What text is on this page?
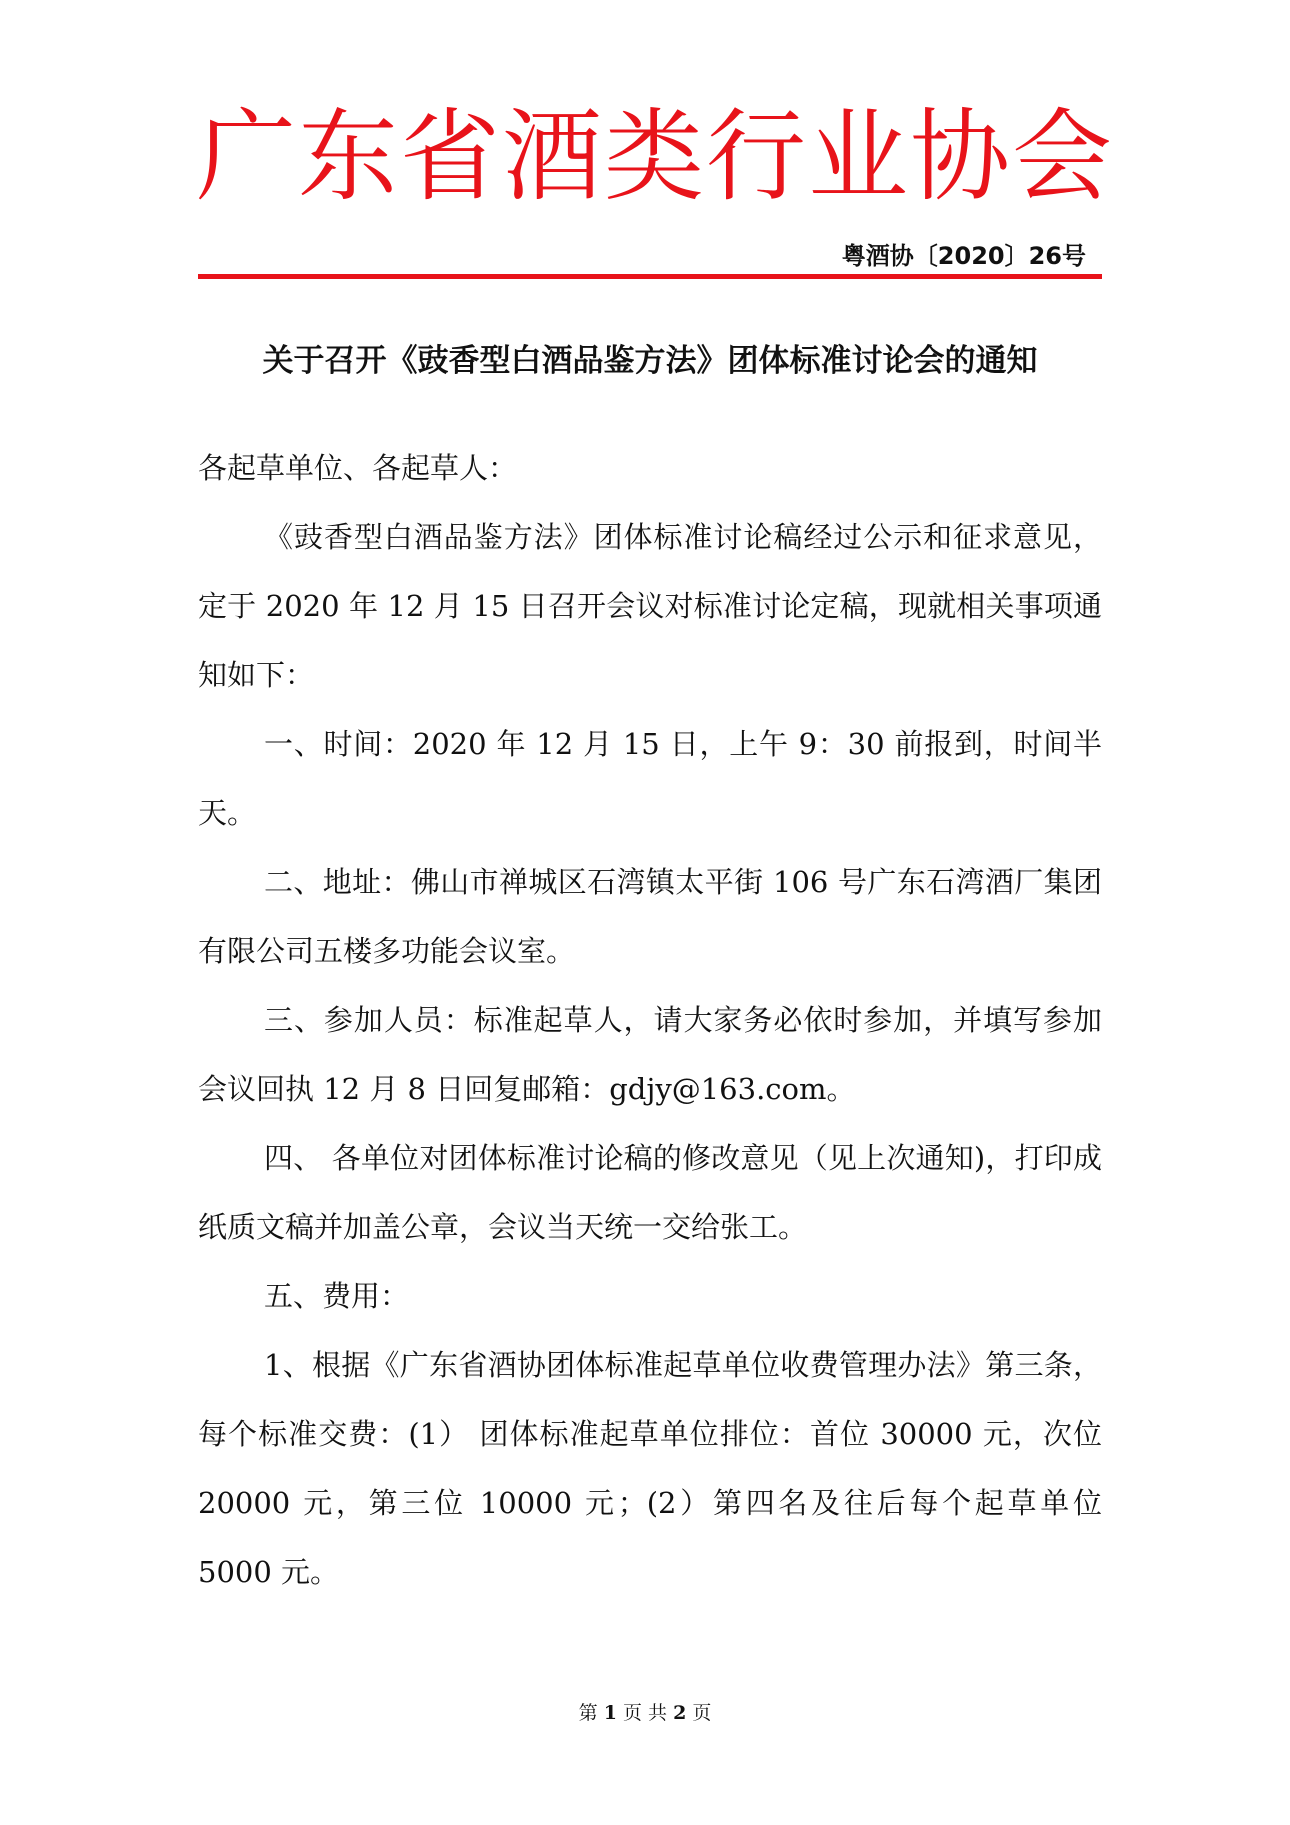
广东省酒类行业协会
粤酒协〔2020〕26号
关于召开《豉香型白酒品鉴方法》团体标准讨论会的通知

各起草单位、各起草人：

《豉香型白酒品鉴方法》团体标准讨论稿经过公示和征求意见，定于 2020 年 12 月 15 日召开会议对标准讨论定稿，现就相关事项通知如下：

一、时间：2020 年 12 月 15 日，上午 9：30 前报到，时间半天。

二、地址：佛山市禅城区石湾镇太平街 106 号广东石湾酒厂集团有限公司五楼多功能会议室。

三、参加人员：标准起草人，请大家务必依时参加，并填写参加会议回执 12 月 8 日回复邮箱：gdjy@163.com。

四、 各单位对团体标准讨论稿的修改意见（见上次通知)，打印成纸质文稿并加盖公章，会议当天统一交给张工。

五、费用：

1、根据《广东省酒协团体标准起草单位收费管理办法》第三条，每个标准交费：(1） 团体标准起草单位排位：首位 30000 元，次位 20000 元，第三位 10000 元；(2）第四名及往后每个起草单位 5000 元。

第 1 页 共 2 页
